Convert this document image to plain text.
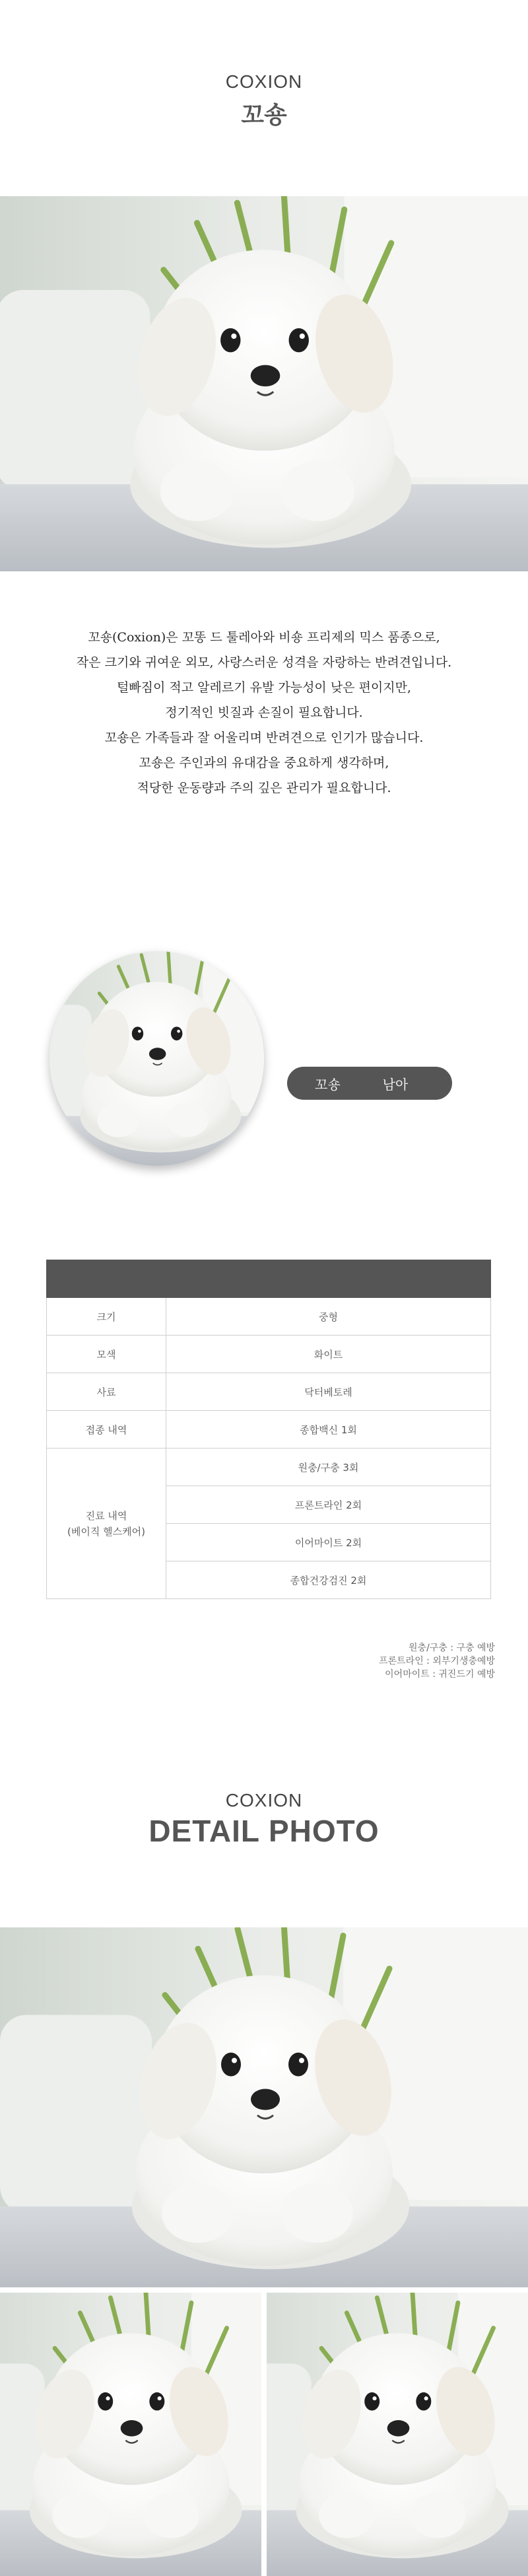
COXION
꼬숑

꼬숑(Coxion)은 꼬똥 드 툴레아와 비숑 프리제의 믹스 품종으로,

작은 크기와 귀여운 외모, 사랑스러운 성격을 자랑하는 반려견입니다.

털빠짐이 적고 알레르기 유발 가능성이 낮은 편이지만,

정기적인 빗질과 손질이 필요합니다.

꼬숑은 가족들과 잘 어울리며 반려견으로 인기가 많습니다.

꼬숑은 주인과의 유대감을 중요하게 생각하며,

적당한 운동량과 주의 깊은 관리가 필요합니다.

꼬숑	남아

크기	중형
모색	화이트
사료	닥터베토레
접종 내역	종합백신 1회

진료 내역
(베이직 헬스케어)	원충/구충 3회
	프론트라인 2회
	이어마이트 2회
	종합건강검진 2회
원충/구충 : 구충 예방
프론트라인 : 외부기생충예방
이어마이트 : 귀진드기 예방
COXION
DETAIL PHOTO
